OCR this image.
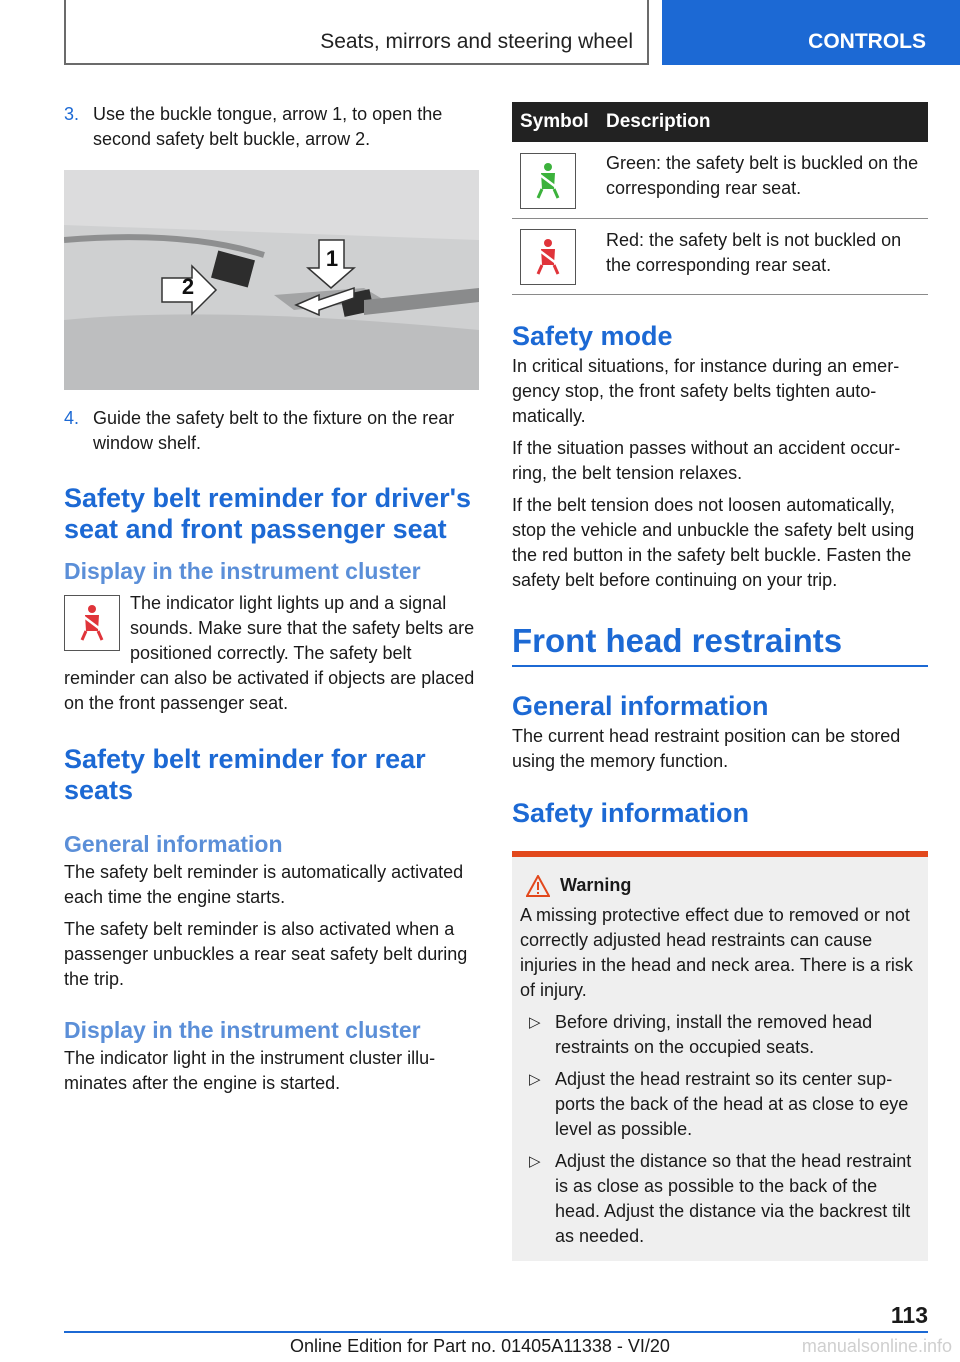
Seats, mirrors and steering wheel	CONTROLS
3. Use the buckle tongue, arrow 1, to open the second safety belt buckle, arrow 2.
2
1
4. Guide the safety belt to the fixture on the rear window shelf.
Safety belt reminder for driver's seat and front passenger seat
Display in the instrument cluster
The indicator light lights up and a signal sounds. Make sure that the safety belts are positioned correctly. The safety belt
reminder can also be activated if objects are placed on the front passenger seat.
Safety belt reminder for rear seats
General information
The safety belt reminder is automatically activated each time the engine starts.
The safety belt reminder is also activated when a passenger unbuckles a rear seat safety belt during the trip.
Display in the instrument cluster
The indicator light in the instrument cluster illuminates after the engine is started.
Symbol	Description

	Green: the safety belt is buckled on the corresponding rear seat.

	Red: the safety belt is not buckled on the corresponding rear seat.
Safety mode
In critical situations, for instance during an emergency stop, the front safety belts tighten automatically.
If the situation passes without an accident occurring, the belt tension relaxes.
If the belt tension does not loosen automatically, stop the vehicle and unbuckle the safety belt using the red button in the safety belt buckle. Fasten the safety belt before continuing on your trip.
Front head restraints
General information
The current head restraint position can be stored using the memory function.
Safety information
Warning
A missing protective effect due to removed or not correctly adjusted head restraints can cause injuries in the head and neck area. There is a risk of injury.
▷ Before driving, install the removed head restraints on the occupied seats.
▷ Adjust the head restraint so its center supports the back of the head at as close to eye level as possible.
▷ Adjust the distance so that the head restraint is as close as possible to the back of the head. Adjust the distance via the backrest tilt as needed.
113
Online Edition for Part no. 01405A11338 - VI/20	manualsonline.info
